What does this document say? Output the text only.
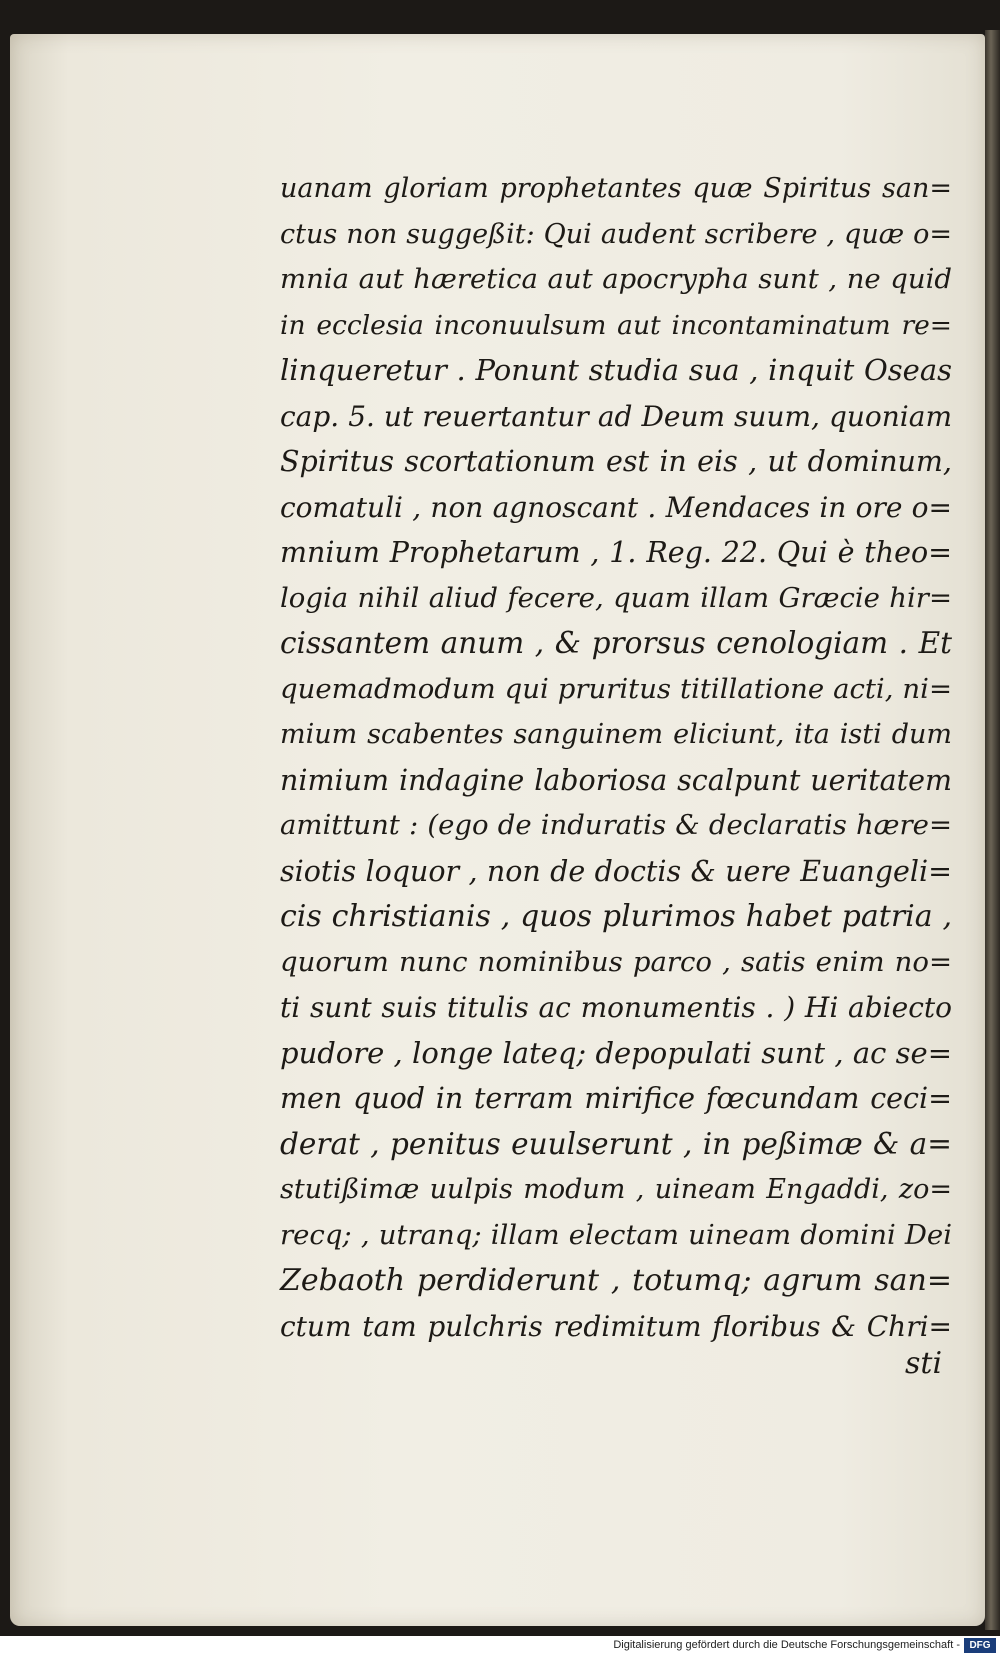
uanam gloriam prophetantes quæ Spiritus san=
ctus non suggeßit: Qui audent scribere , quæ o=
mnia aut hæretica aut apocrypha sunt , ne quid
in ecclesia inconuulsum aut incontaminatum re=
linqueretur . Ponunt studia sua , inquit Oseas
cap. 5. ut reuertantur ad Deum suum, quoniam
Spiritus scortationum est in eis , ut dominum,
comatuli , non agnoscant . Mendaces in ore o=
mnium Prophetarum , 1. Reg. 22. Qui è theo=
logia nihil aliud fecere, quam illam Græcie hir=
cissantem anum , & prorsus cenologiam . Et
quemadmodum qui pruritus titillatione acti, ni=
mium scabentes sanguinem eliciunt, ita isti dum
nimium indagine laboriosa scalpunt ueritatem
amittunt : (ego de induratis & declaratis hære=
siotis loquor , non de doctis & uere Euangeli=
cis christianis , quos plurimos habet patria ,
quorum nunc nominibus parco , satis enim no=
ti sunt suis titulis ac monumentis . ) Hi abiecto
pudore , longe lateq; depopulati sunt , ac se=
men quod in terram mirifice fœcundam ceci=
derat , penitus euulserunt , in peßimæ & a=
stutißimæ uulpis modum , uineam Engaddi, zo=
recq; , utranq; illam electam uineam domini Dei
Zebaoth perdiderunt , totumq; agrum san=
ctum tam pulchris redimitum floribus & Chri=
sti
Digitalisierung gefördert durch die Deutsche Forschungsgemeinschaft - DFG
